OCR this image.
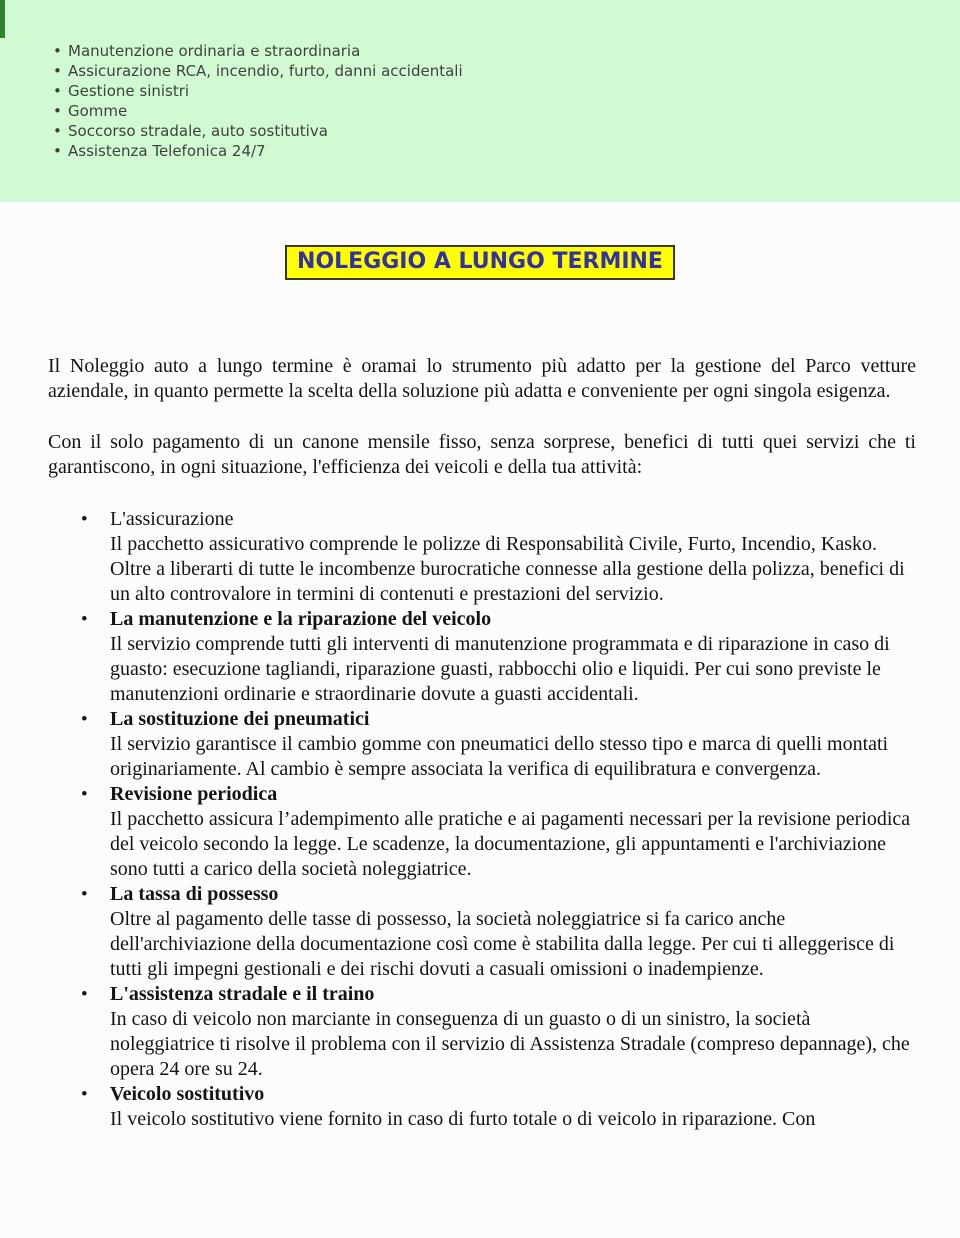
• Manutenzione ordinaria e straordinaria
• Assicurazione RCA, incendio, furto, danni accidentali
• Gestione sinistri
• Gomme
• Soccorso stradale, auto sostitutiva
• Assistenza Telefonica 24/7
NOLEGGIO A LUNGO TERMINE

Il Noleggio auto a lungo termine è oramai lo strumento più adatto per la gestione del Parco vetture aziendale, in quanto permette la scelta della soluzione più adatta e conveniente per ogni singola esigenza.

Con il solo pagamento di un canone mensile fisso, senza sorprese, benefici di tutti quei servizi che ti garantiscono, in ogni situazione, l'efficienza dei veicoli e della tua attività:

• L'assicurazione
Il pacchetto assicurativo comprende le polizze di Responsabilità Civile, Furto, Incendio, Kasko. Oltre a liberarti di tutte le incombenze burocratiche connesse alla gestione della polizza, benefici di un alto controvalore in termini di contenuti e prestazioni del servizio.
• La manutenzione e la riparazione del veicolo
Il servizio comprende tutti gli interventi di manutenzione programmata e di riparazione in caso di guasto: esecuzione tagliandi, riparazione guasti, rabbocchi olio e liquidi. Per cui sono previste le manutenzioni ordinarie e straordinarie dovute a guasti accidentali.
• La sostituzione dei pneumatici
Il servizio garantisce il cambio gomme con pneumatici dello stesso tipo e marca di quelli montati originariamente. Al cambio è sempre associata la verifica di equilibratura e convergenza.
• Revisione periodica
Il pacchetto assicura l’adempimento alle pratiche e ai pagamenti necessari per la revisione periodica del veicolo secondo la legge. Le scadenze, la documentazione, gli appuntamenti e l'archiviazione sono tutti a carico della società noleggiatrice.
• La tassa di possesso
Oltre al pagamento delle tasse di possesso, la società noleggiatrice si fa carico anche dell'archiviazione della documentazione così come è stabilita dalla legge. Per cui ti alleggerisce di tutti gli impegni gestionali e dei rischi dovuti a casuali omissioni o inadempienze.
• L'assistenza stradale e il traino
In caso di veicolo non marciante in conseguenza di un guasto o di un sinistro, la società noleggiatrice ti risolve il problema con il servizio di Assistenza Stradale (compreso depannage), che opera 24 ore su 24.
• Veicolo sostitutivo
Il veicolo sostitutivo viene fornito in caso di furto totale o di veicolo in riparazione. Con
